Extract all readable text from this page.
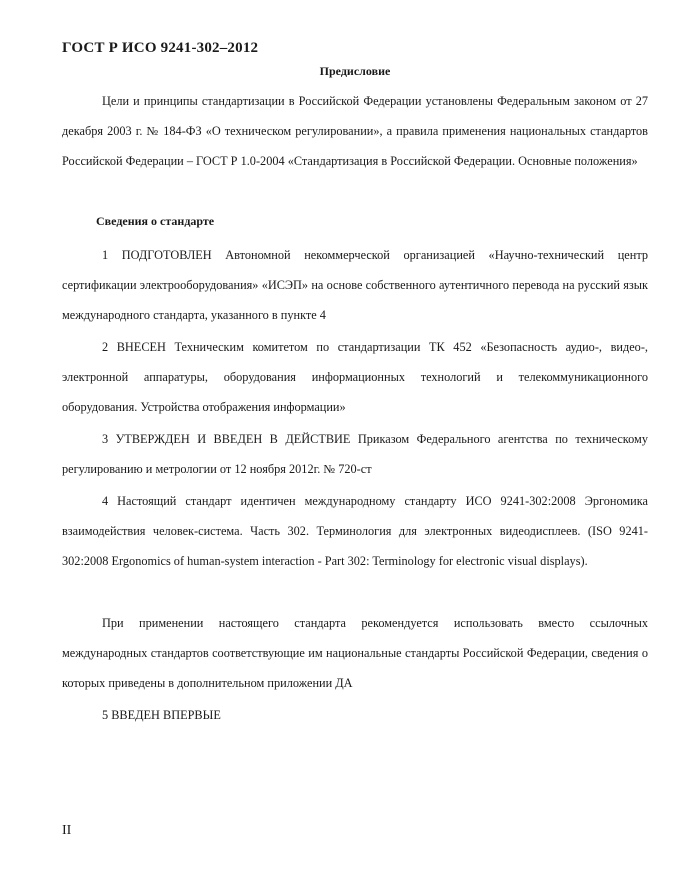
ГОСТ Р ИСО 9241-302–2012
Предисловие

Цели и принципы стандартизации в Российской Федерации установлены Федеральным законом от 27 декабря 2003 г. № 184-ФЗ «О техническом регулировании», а правила применения национальных стандартов Российской Федерации – ГОСТ Р 1.0-2004 «Стандартизация в Российской Федерации. Основные положения»

Сведения о стандарте

1 ПОДГОТОВЛЕН Автономной некоммерческой организацией «Научно-технический центр сертификации электрооборудования» «ИСЭП» на основе собственного аутентичного перевода на русский язык международного стандарта, указанного в пункте 4

2 ВНЕСЕН Техническим комитетом по стандартизации ТК 452 «Безопасность аудио-, видео-, электронной аппаратуры, оборудования информационных технологий и телекоммуникационного оборудования. Устройства отображения информации»

3 УТВЕРЖДЕН И ВВЕДЕН В ДЕЙСТВИЕ Приказом Федерального агентства по техническому регулированию и метрологии от 12 ноября 2012г. № 720-ст

4 Настоящий стандарт идентичен международному стандарту ИСО 9241-302:2008 Эргономика взаимодействия человек-система. Часть 302. Терминология для электронных видеодисплеев. (ISO 9241-302:2008 Ergonomics of human-system interaction - Part 302: Terminology for electronic visual displays).

При применении настоящего стандарта рекомендуется использовать вместо ссылочных международных стандартов соответствующие им национальные стандарты Российской Федерации, сведения о которых приведены в дополнительном приложении ДА

5 ВВЕДЕН ВПЕРВЫЕ

II
